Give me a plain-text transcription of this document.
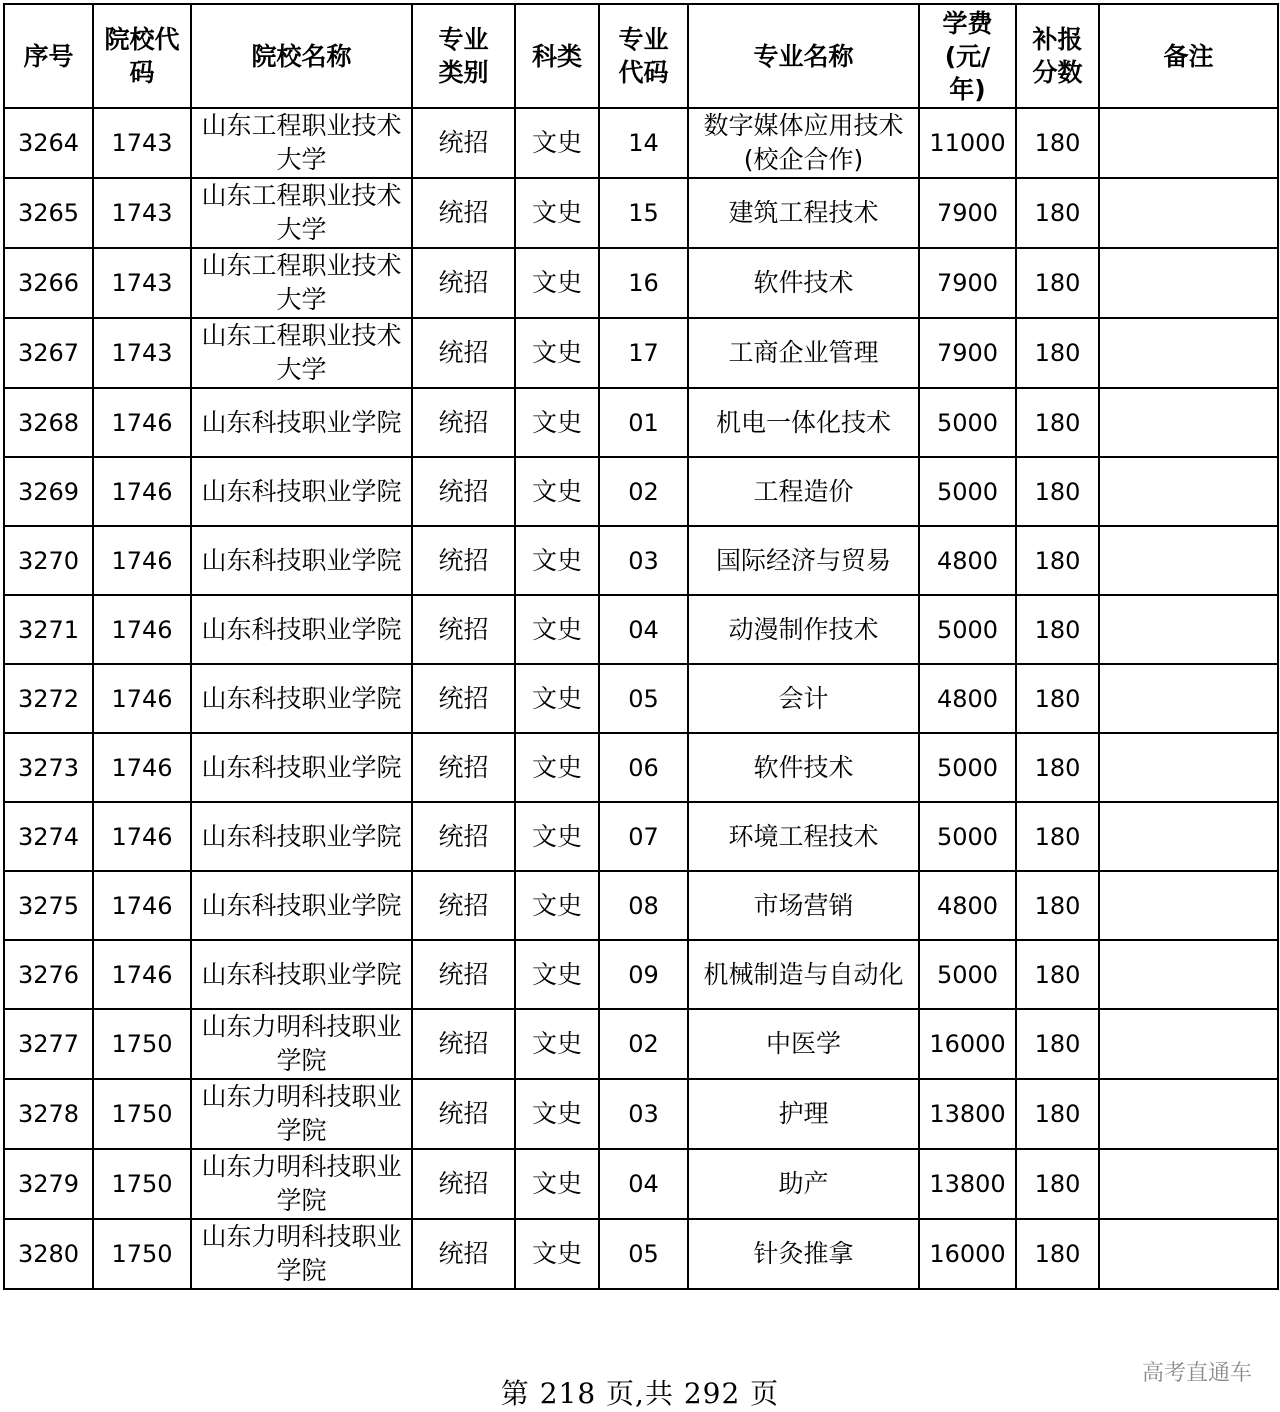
序号	院校代码	院校名称	专业类别	科类	专业代码	专业名称	学费(元/年)	补报分数	备注

3264	1743	山东工程职业技术大学	统招	文史	14	数字媒体应用技术(校企合作)	11000	180	
3265	1743	山东工程职业技术大学	统招	文史	15	建筑工程技术	7900	180	
3266	1743	山东工程职业技术大学	统招	文史	16	软件技术	7900	180	
3267	1743	山东工程职业技术大学	统招	文史	17	工商企业管理	7900	180	
3268	1746	山东科技职业学院	统招	文史	01	机电一体化技术	5000	180	
3269	1746	山东科技职业学院	统招	文史	02	工程造价	5000	180	
3270	1746	山东科技职业学院	统招	文史	03	国际经济与贸易	4800	180	
3271	1746	山东科技职业学院	统招	文史	04	动漫制作技术	5000	180	
3272	1746	山东科技职业学院	统招	文史	05	会计	4800	180	
3273	1746	山东科技职业学院	统招	文史	06	软件技术	5000	180	
3274	1746	山东科技职业学院	统招	文史	07	环境工程技术	5000	180	
3275	1746	山东科技职业学院	统招	文史	08	市场营销	4800	180	
3276	1746	山东科技职业学院	统招	文史	09	机械制造与自动化	5000	180	
3277	1750	山东力明科技职业学院	统招	文史	02	中医学	16000	180	
3278	1750	山东力明科技职业学院	统招	文史	03	护理	13800	180	
3279	1750	山东力明科技职业学院	统招	文史	04	助产	13800	180	
3280	1750	山东力明科技职业学院	统招	文史	05	针灸推拿	16000	180	
第 218 页,共 292 页
高考直通车
